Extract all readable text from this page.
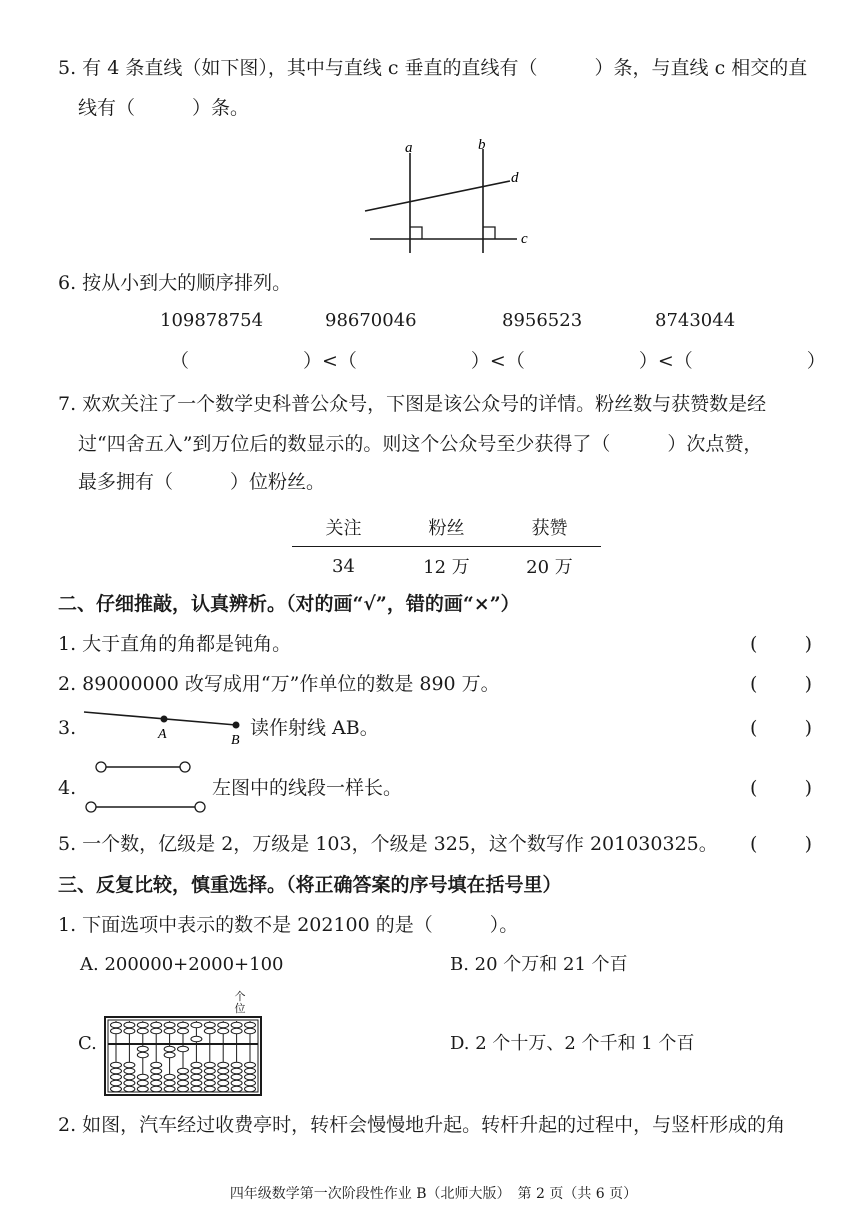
5. 有 4 条直线（如下图），其中与直线 c 垂直的直线有（　　　）条，与直线 c 相交的直
线有（　　　）条。
a	b
d
c
6. 按从小到大的顺序排列。
109878754	98670046	8956523	8743044
（　　　　　　）<（　　　　　　）<（　　　　　　）<（　　　　　　）
7. 欢欢关注了一个数学史科普公众号，下图是该公众号的详情。粉丝数与获赞数是经
过“四舍五入”到万位后的数显示的。则这个公众号至少获得了（　　　）次点赞，
最多拥有（　　　）位粉丝。
关注	粉丝	获赞
34	12 万	20 万
二、仔细推敲，认真辨析。（对的画“√”，错的画“×”）
1. 大于直角的角都是钝角。	( )
2. 89000000 改写成用“万”作单位的数是 890 万。	( )
3.	A	B
读作射线 AB。	( )
4.	左图中的线段一样长。	( )
5. 一个数，亿级是 2，万级是 103，个级是 325，这个数写作 201030325。 ( )
三、反复比较，慎重选择。（将正确答案的序号填在括号里）
1. 下面选项中表示的数不是 202100 的是（　　　）。
A. 200000+2000+100	B. 20 个万和 21 个百
C.	D. 2 个十万、2 个千和 1 个百
个位
2. 如图，汽车经过收费亭时，转杆会慢慢地升起。转杆升起的过程中，与竖杆形成的角
四年级数学第一次阶段性作业 B（北师大版）　第 2 页（共 6 页）
